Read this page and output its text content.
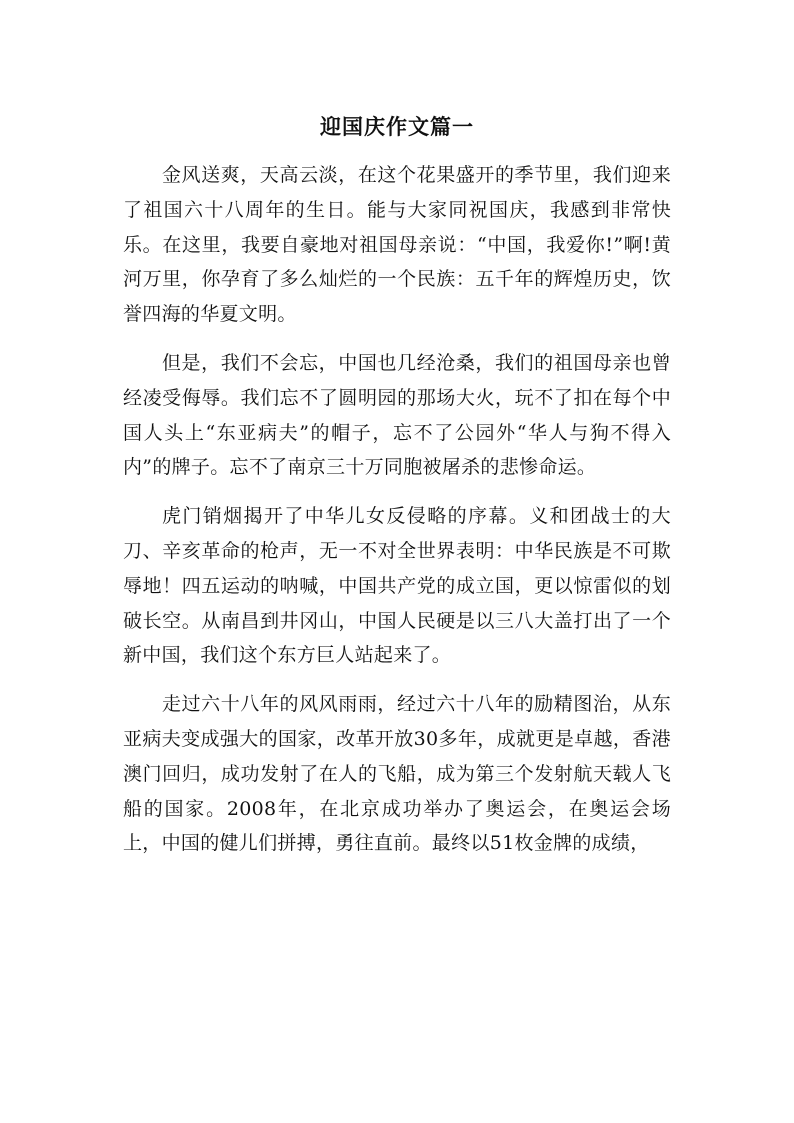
迎国庆作文篇一

金风送爽，天高云淡，在这个花果盛开的季节里，我们迎来了祖国六十八周年的生日。能与大家同祝国庆，我感到非常快乐。在这里，我要自豪地对祖国母亲说：“中国，我爱你!”啊!黄河万里，你孕育了多么灿烂的一个民族：五千年的辉煌历史，饮誉四海的华夏文明。

但是，我们不会忘，中国也几经沧桑，我们的祖国母亲也曾经凌受侮辱。我们忘不了圆明园的那场大火，玩不了扣在每个中国人头上“东亚病夫”的帽子，忘不了公园外“华人与狗不得入内”的牌子。忘不了南京三十万同胞被屠杀的悲惨命运。

虎门销烟揭开了中华儿女反侵略的序幕。义和团战士的大刀、辛亥革命的枪声，无一不对全世界表明：中华民族是不可欺辱地！四五运动的呐喊，中国共产党的成立国，更以惊雷似的划破长空。从南昌到井冈山，中国人民硬是以三八大盖打出了一个新中国，我们这个东方巨人站起来了。

走过六十八年的风风雨雨，经过六十八年的励精图治，从东亚病夫变成强大的国家，改革开放30多年，成就更是卓越，香港澳门回归，成功发射了在人的飞船，成为第三个发射航天载人飞船的国家。2008年，在北京成功举办了奥运会，在奥运会场上，中国的健儿们拼搏，勇往直前。最终以51枚金牌的成绩，
